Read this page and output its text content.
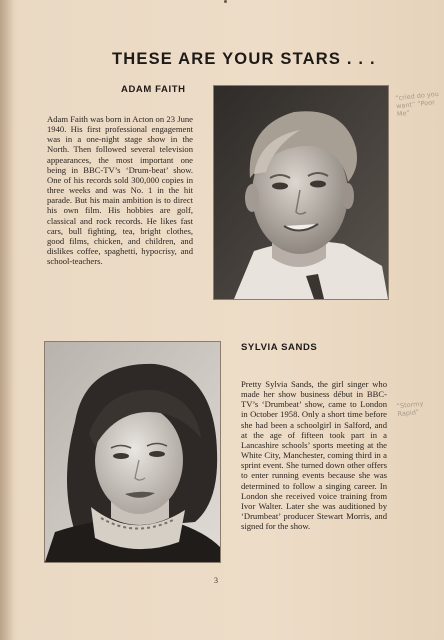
THESE ARE YOUR STARS . . .
ADAM FAITH
Adam Faith was born in Acton on 23 June 1940. His first professional engagement was in a one-night stage show in the North. Then followed several television appearances, the most important one being in BBC-TV’s ‘Drum-beat’ show. One of his records sold 300,000 copies in three weeks and was No. 1 in the hit parade. But his main ambition is to direct his own film. His hobbies are golf, classical and rock records. He likes fast cars, bull fighting, tea, bright clothes, good films, chicken, and children, and dislikes coffee, spaghetti, hypocrisy, and school-teachers.
“cried do you want” “Poor Me”
SYLVIA SANDS
Pretty Sylvia Sands, the girl singer who made her show business début in BBC-TV’s ‘Drumbeat’ show, came to London in October 1958. Only a short time before she had been a schoolgirl in Salford, and at the age of fifteen took part in a Lancashire schools’ sports meeting at the White City, Manchester, coming third in a sprint event. She turned down other offers to enter running events because she was determined to follow a singing career. In London she received voice training from Ivor Walter. Later she was auditioned by ‘Drumbeat’ producer Stewart Morris, and signed for the show.
“Stormy Rapid”
3
